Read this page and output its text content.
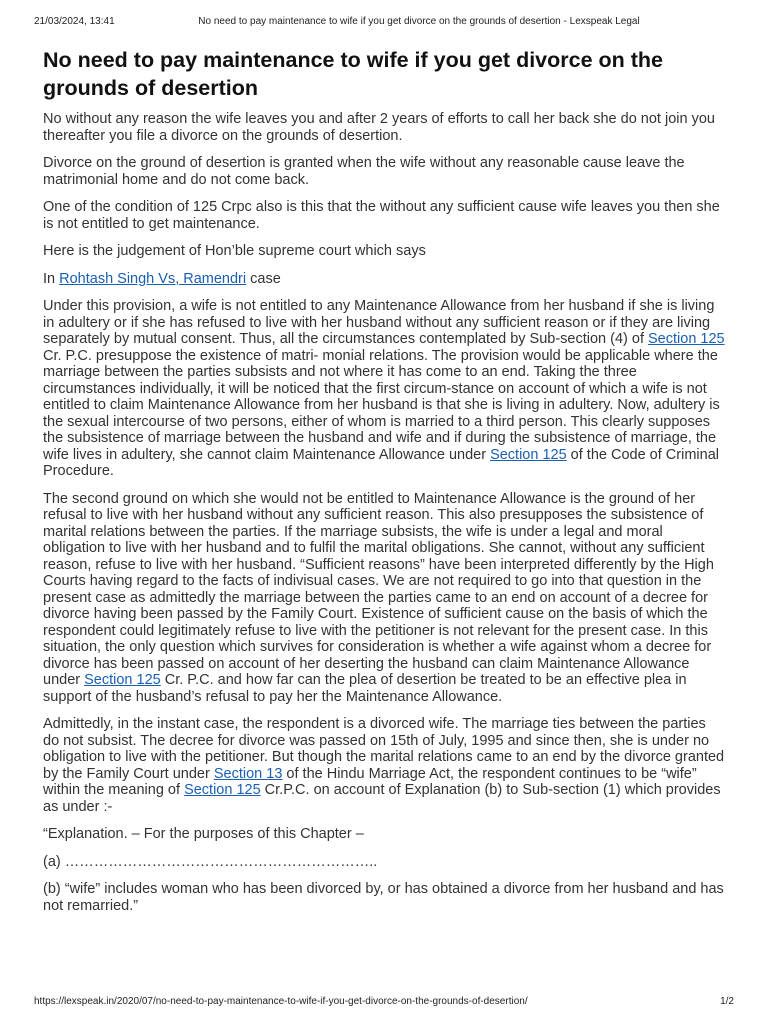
21/03/2024, 13:41	No need to pay maintenance to wife if you get divorce on the grounds of desertion - Lexspeak Legal
No need to pay maintenance to wife if you get divorce on the grounds of desertion

No without any reason the wife leaves you and after 2 years of efforts to call her back she do not join you thereafter you file a divorce on the grounds of desertion.

Divorce on the ground of desertion is granted when the wife without any reasonable cause leave the matrimonial home and do not come back.

One of the condition of 125 Crpc also is this that the without any sufficient cause wife leaves you then she is not entitled to get maintenance.

Here is the judgement of Hon’ble supreme court which says

In Rohtash Singh Vs, Ramendri case

Under this provision, a wife is not entitled to any Maintenance Allowance from her husband if she is living in adultery or if she has refused to live with her husband without any sufficient reason or if they are living separately by mutual consent. Thus, all the circumstances contemplated by Sub-section (4) of Section 125 Cr. P.C. presuppose the existence of matri- monial relations. The provision would be applicable where the marriage between the parties subsists and not where it has come to an end. Taking the three circumstances individually, it will be noticed that the first circum-stance on account of which a wife is not entitled to claim Maintenance Allowance from her husband is that she is living in adultery. Now, adultery is the sexual intercourse of two persons, either of whom is married to a third person. This clearly supposes the subsistence of marriage between the husband and wife and if during the subsistence of marriage, the wife lives in adultery, she cannot claim Maintenance Allowance under Section 125 of the Code of Criminal Procedure.

The second ground on which she would not be entitled to Maintenance Allowance is the ground of her refusal to live with her husband without any sufficient reason. This also presupposes the subsistence of marital relations between the parties. If the marriage subsists, the wife is under a legal and moral obligation to live with her husband and to fulfil the marital obligations. She cannot, without any sufficient reason, refuse to live with her husband. “Sufficient reasons” have been interpreted differently by the High Courts having regard to the facts of indivisual cases. We are not required to go into that question in the present case as admittedly the marriage between the parties came to an end on account of a decree for divorce having been passed by the Family Court. Existence of sufficient cause on the basis of which the respondent could legitimately refuse to live with the petitioner is not relevant for the present case. In this situation, the only question which survives for consideration is whether a wife against whom a decree for divorce has been passed on account of her deserting the husband can claim Maintenance Allowance under Section 125 Cr. P.C. and how far can the plea of desertion be treated to be an effective plea in support of the husband’s refusal to pay her the Maintenance Allowance.

Admittedly, in the instant case, the respondent is a divorced wife. The marriage ties between the parties do not subsist. The decree for divorce was passed on 15th of July, 1995 and since then, she is under no obligation to live with the petitioner. But though the marital relations came to an end by the divorce granted by the Family Court under Section 13 of the Hindu Marriage Act, the respondent continues to be “wife” within the meaning of Section 125 Cr.P.C. on account of Explanation (b) to Sub-section (1) which provides as under :-

“Explanation. – For the purposes of this Chapter –

(a) ………………………………………………………..

(b) “wife” includes woman who has been divorced by, or has obtained a divorce from her husband and has not remarried.”

https://lexspeak.in/2020/07/no-need-to-pay-maintenance-to-wife-if-you-get-divorce-on-the-grounds-of-desertion/	1/2
